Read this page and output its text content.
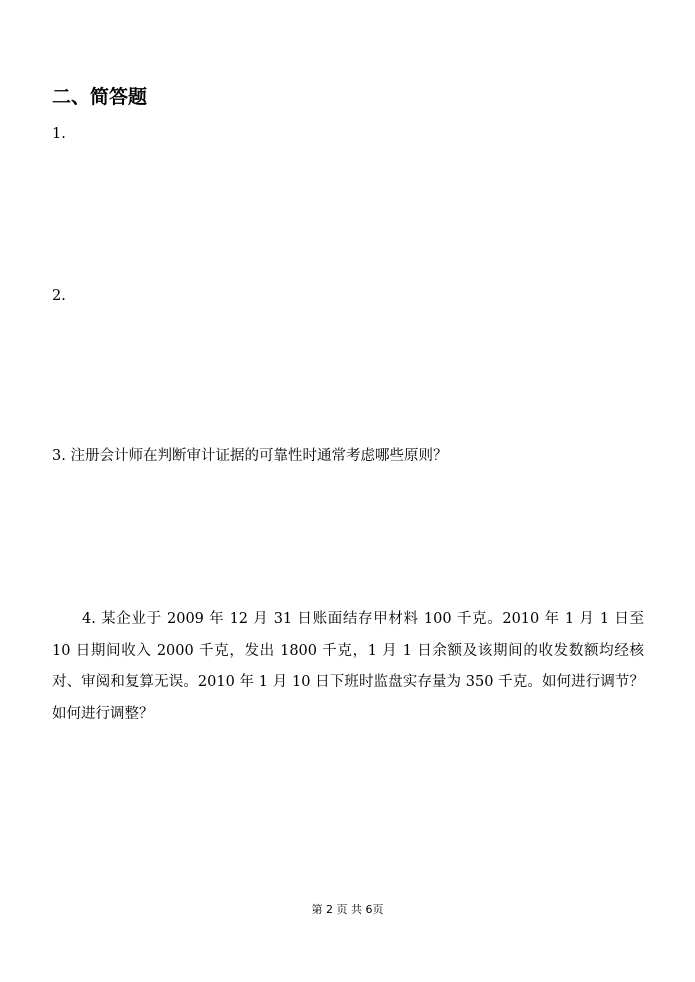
二、简答题
1.
2.
3. 注册会计师在判断审计证据的可靠性时通常考虑哪些原则？
4. 某企业于 2009 年 12 月 31 日账面结存甲材料 100 千克。2010 年 1 月 1 日至 10 日期间收入 2000 千克，发出 1800 千克，1 月 1 日余额及该期间的收发数额均经核对、审阅和复算无误。2010 年 1 月 10 日下班时监盘实存量为 350 千克。如何进行调节？如何进行调整？
第 2 页 共 6页
